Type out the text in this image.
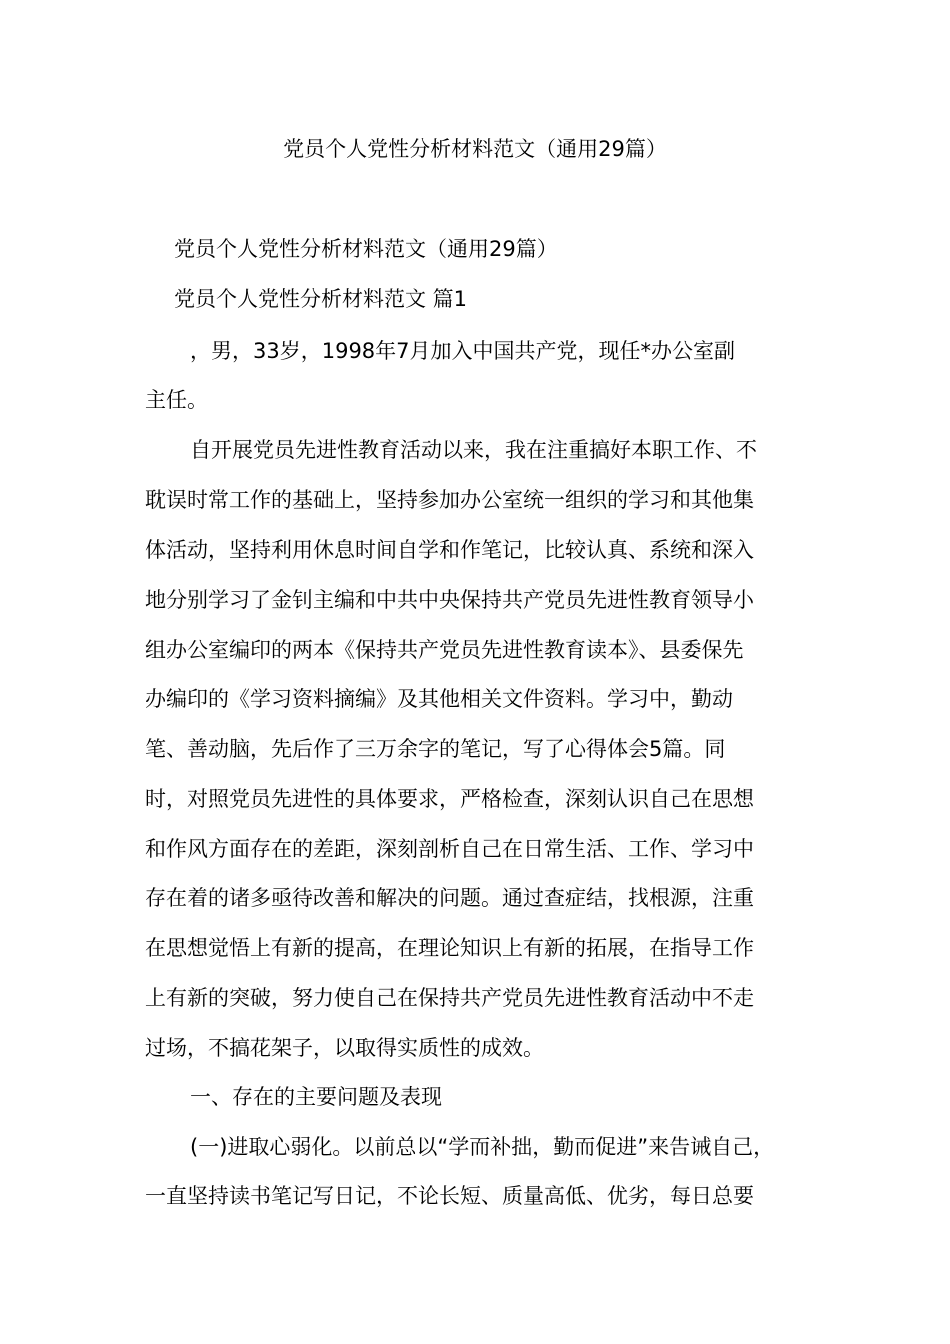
党员个人党性分析材料范文（通用29篇）
党员个人党性分析材料范文（通用29篇）
党员个人党性分析材料范文 篇1
，男，33岁，1998年7月加入中国共产党，现任*办公室副
主任。
自开展党员先进性教育活动以来，我在注重搞好本职工作、不
耽误时常工作的基础上，坚持参加办公室统一组织的学习和其他集
体活动，坚持利用休息时间自学和作笔记，比较认真、系统和深入
地分别学习了金钊主编和中共中央保持共产党员先进性教育领导小
组办公室编印的两本《保持共产党员先进性教育读本》、县委保先
办编印的《学习资料摘编》及其他相关文件资料。学习中，勤动
笔、善动脑，先后作了三万余字的笔记，写了心得体会5篇。同
时，对照党员先进性的具体要求，严格检查，深刻认识自己在思想
和作风方面存在的差距，深刻剖析自己在日常生活、工作、学习中
存在着的诸多亟待改善和解决的问题。通过查症结，找根源，注重
在思想觉悟上有新的提高，在理论知识上有新的拓展，在指导工作
上有新的突破，努力使自己在保持共产党员先进性教育活动中不走
过场，不搞花架子，以取得实质性的成效。
一、存在的主要问题及表现
(一)进取心弱化。以前总以“学而补拙，勤而促进”来告诫自己，
一直坚持读书笔记写日记，不论长短、质量高低、优劣，每日总要
